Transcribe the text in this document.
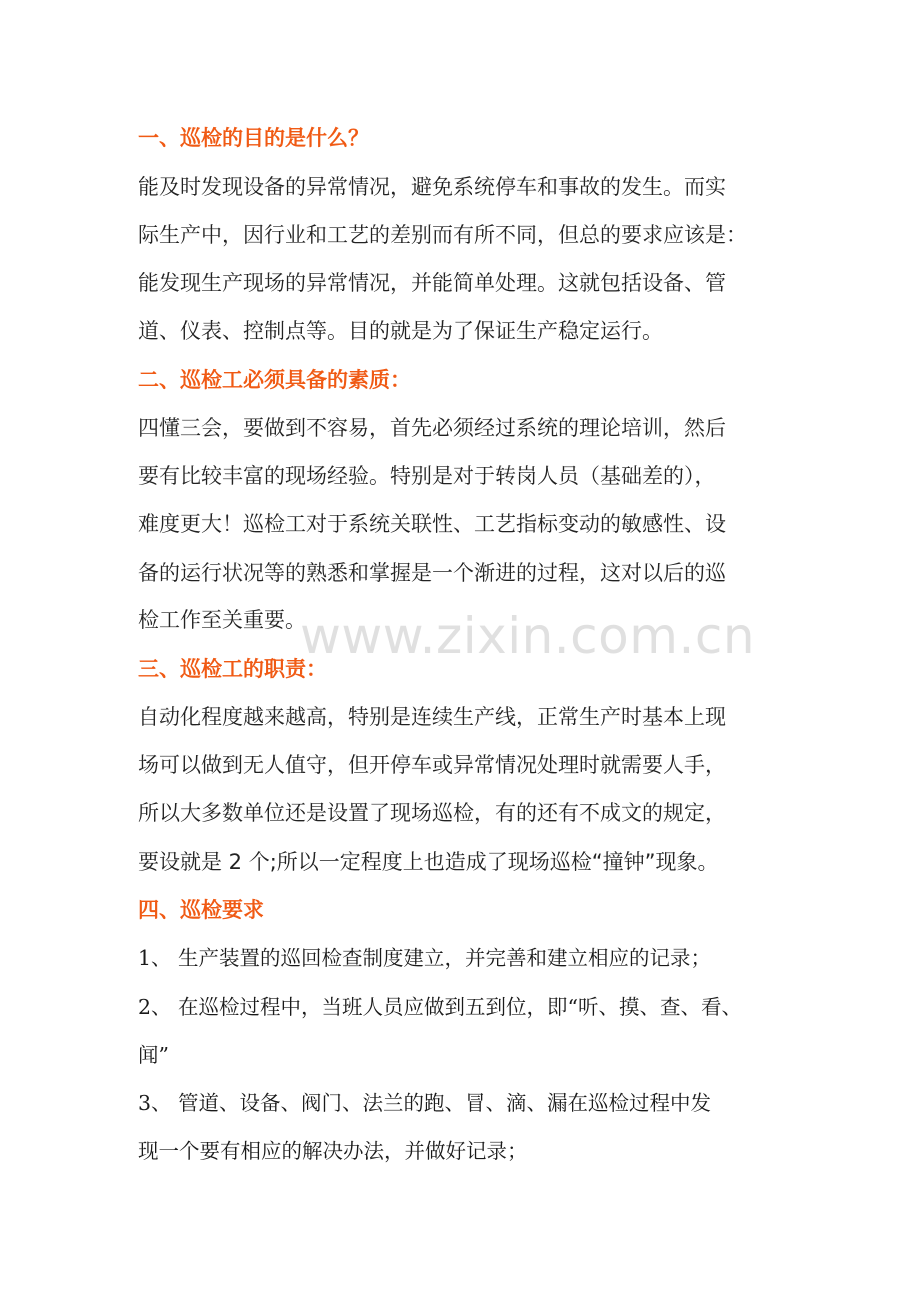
一、巡检的目的是什么？
能及时发现设备的异常情况，避免系统停车和事故的发生。而实
际生产中，因行业和工艺的差别而有所不同，但总的要求应该是：
能发现生产现场的异常情况，并能简单处理。这就包括设备、管
道、仪表、控制点等。目的就是为了保证生产稳定运行。
二、巡检工必须具备的素质：
四懂三会，要做到不容易，首先必须经过系统的理论培训，然后
要有比较丰富的现场经验。特别是对于转岗人员（基础差的），
难度更大！巡检工对于系统关联性、工艺指标变动的敏感性、设
备的运行状况等的熟悉和掌握是一个渐进的过程，这对以后的巡
检工作至关重要。
三、巡检工的职责：
自动化程度越来越高，特别是连续生产线，正常生产时基本上现
场可以做到无人值守，但开停车或异常情况处理时就需要人手，
所以大多数单位还是设置了现场巡检，有的还有不成文的规定，
要设就是 2 个;所以一定程度上也造成了现场巡检“撞钟”现象。
四、巡检要求
1、 生产装置的巡回检查制度建立，并完善和建立相应的记录；
2、 在巡检过程中，当班人员应做到五到位，即“听、摸、查、看、
闻”
3、 管道、设备、阀门、法兰的跑、冒、滴、漏在巡检过程中发
现一个要有相应的解决办法，并做好记录；
www.zixin.com.cn
